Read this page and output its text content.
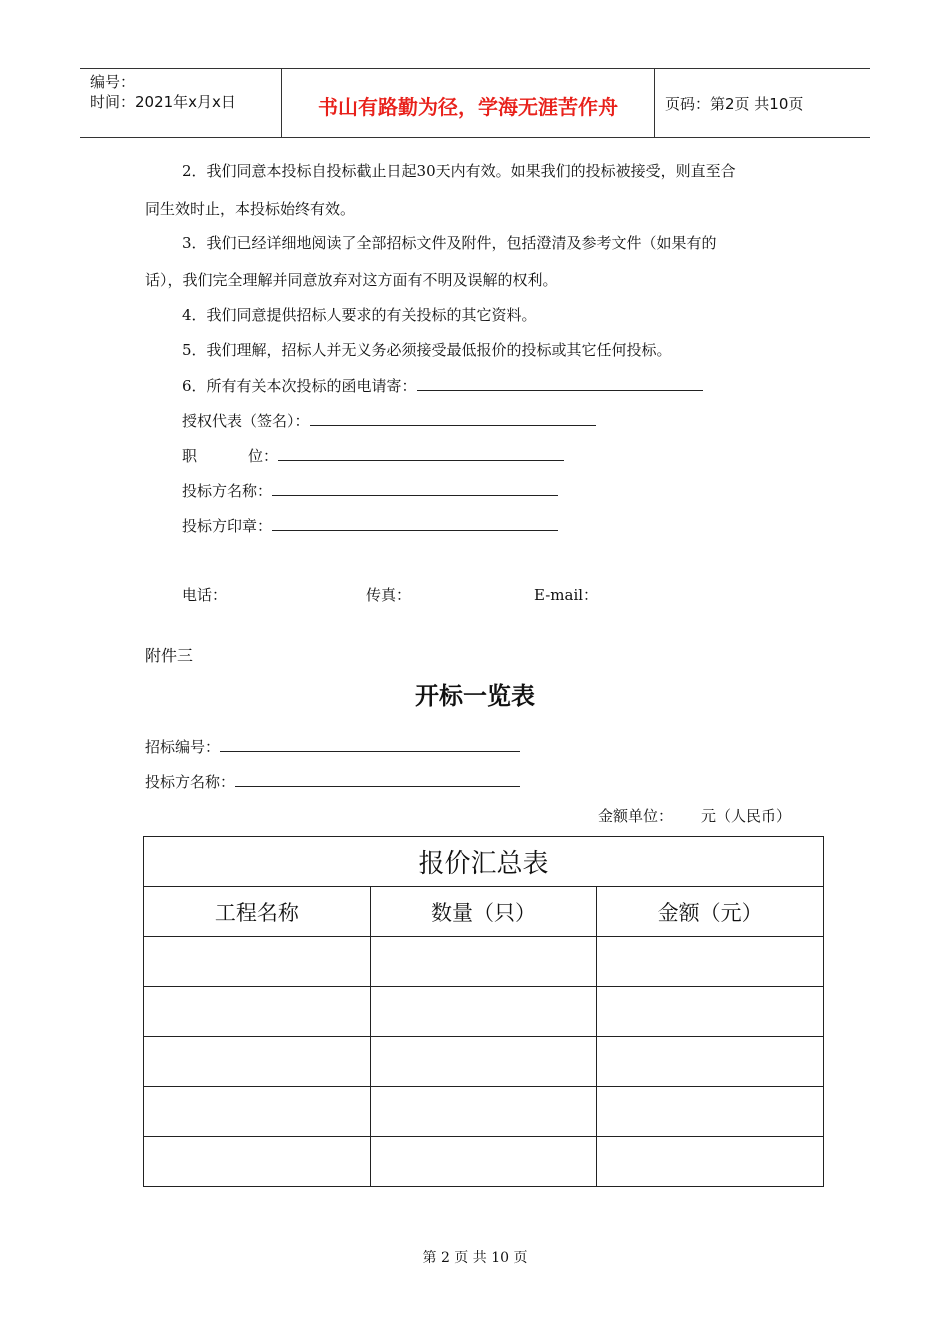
编号：
时间：2021年x月x日	书山有路勤为径，学海无涯苦作舟	页码：第2页 共10页
2．我们同意本投标自投标截止日起30天内有效。如果我们的投标被接受，则直至合
同生效时止，本投标始终有效。
3．我们已经详细地阅读了全部招标文件及附件，包括澄清及参考文件（如果有的
话），我们完全理解并同意放弃对这方面有不明及误解的权利。
4．我们同意提供招标人要求的有关投标的其它资料。
5．我们理解，招标人并无义务必须接受最低报价的投标或其它任何投标。
6．所有有关本次投标的函电请寄：
授权代表（签名）：
职	位：
投标方名称：
投标方印章：
电话：	传真：	E-mail：
附件三
开标一览表
招标编号：
投标方名称：
金额单位： 元（人民币）
报价汇总表		
工程名称	数量（只）	金额（元）

第 2 页 共 10 页
